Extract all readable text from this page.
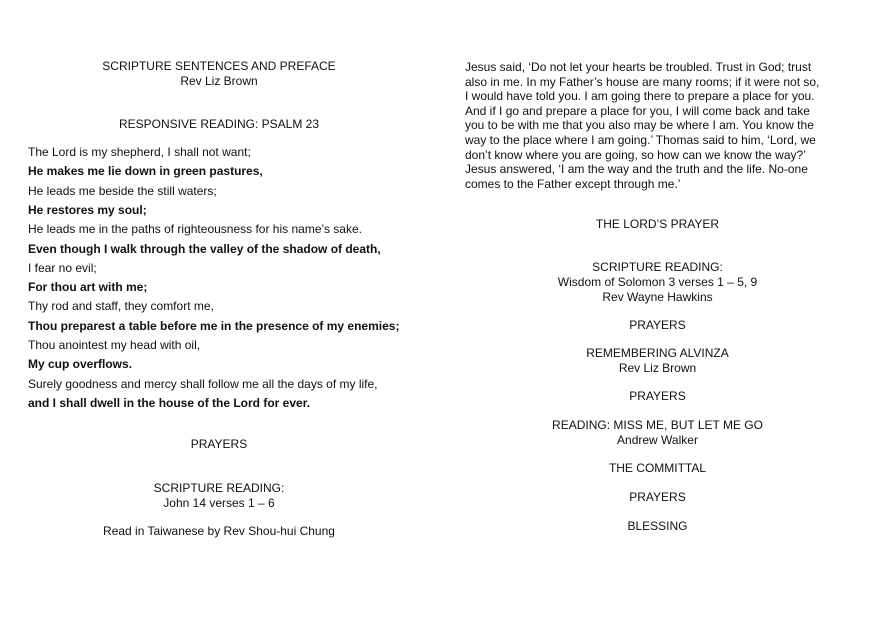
SCRIPTURE SENTENCES AND PREFACE
Rev Liz Brown
RESPONSIVE READING: PSALM 23
The Lord is my shepherd, I shall not want;
He makes me lie down in green pastures,
He leads me beside the still waters;
He restores my soul;
He leads me in the paths of righteousness for his name’s sake.
Even though I walk through the valley of the shadow of death,
I fear no evil;
For thou art with me;
Thy rod and staff, they comfort me,
Thou preparest a table before me in the presence of my enemies;
Thou anointest my head with oil,
My cup overflows.
Surely goodness and mercy shall follow me all the days of my life,
and I shall dwell in the house of the Lord for ever.
PRAYERS
SCRIPTURE READING:
John 14 verses 1 – 6
Read in Taiwanese by Rev Shou-hui Chung
Jesus said, ‘Do not let your hearts be troubled. Trust in God; trust
also in me. In my Father’s house are many rooms; if it were not so,
I would have told you. I am going there to prepare a place for you.
And if I go and prepare a place for you, I will come back and take
you to be with me that you also may be where I am. You know the
way to the place where I am going.’ Thomas said to him, ‘Lord, we
don’t know where you are going, so how can we know the way?’
Jesus answered, ‘I am the way and the truth and the life. No-one
comes to the Father except through me.’
THE LORD’S PRAYER
SCRIPTURE READING:
Wisdom of Solomon 3 verses 1 – 5, 9
Rev Wayne Hawkins
PRAYERS
REMEMBERING ALVINZA
Rev Liz Brown
PRAYERS
READING: MISS ME, BUT LET ME GO
Andrew Walker
THE COMMITTAL
PRAYERS
BLESSING
